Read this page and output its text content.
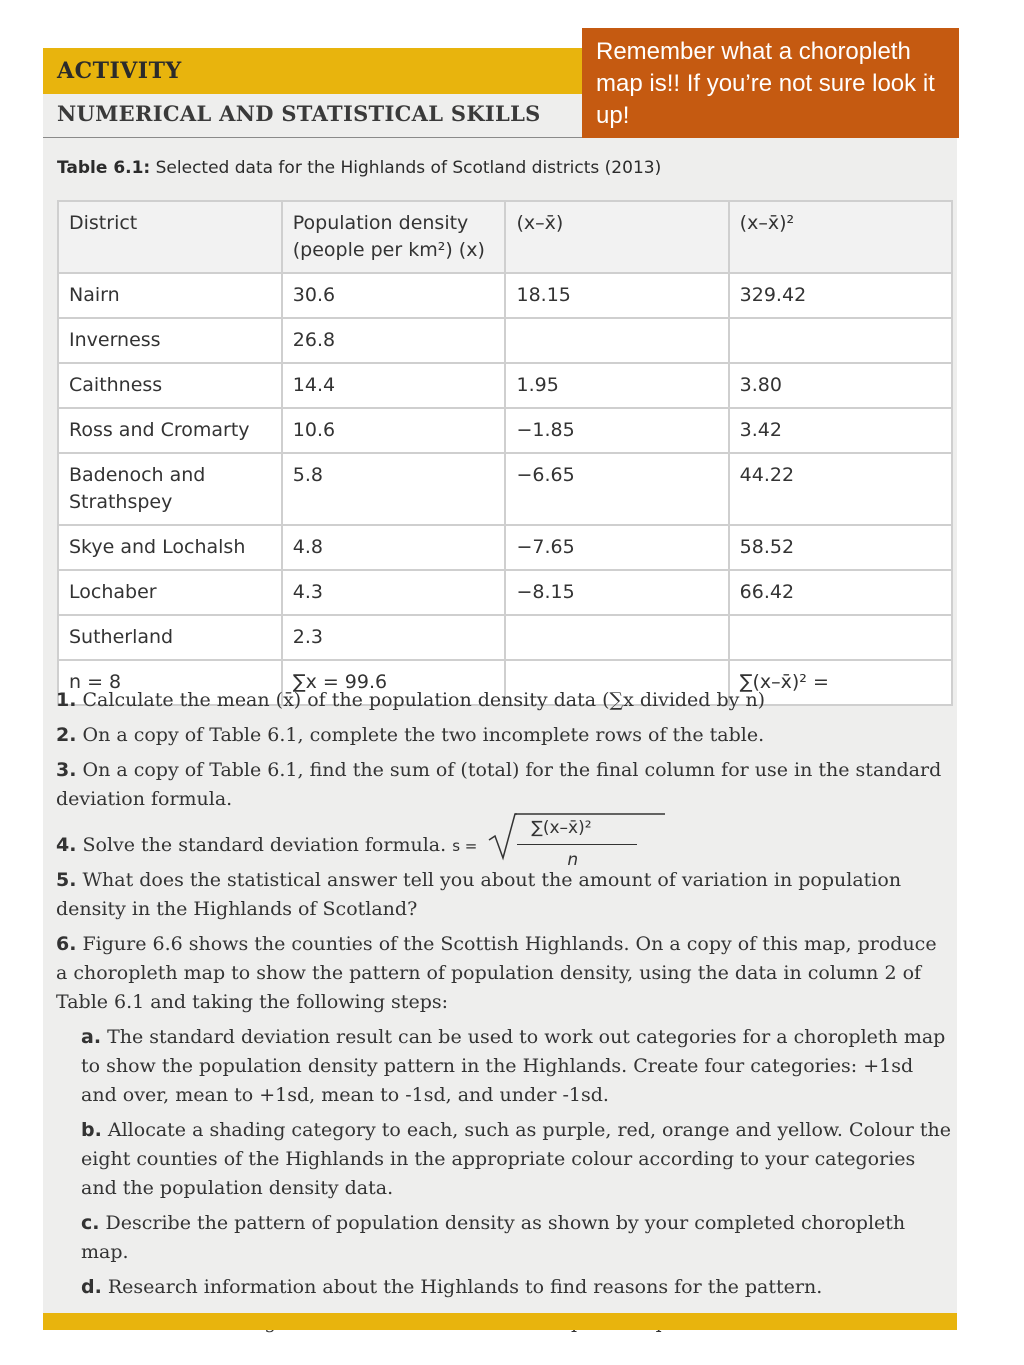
ACTIVITY
NUMERICAL AND STATISTICAL SKILLS
Remember what a choropleth map is!! If you’re not sure look it up!
Table 6.1: Selected data for the Highlands of Scotland districts (2013)
District	Population density (people per km²) (x)	(x–x̄)	(x–x̄)²
Nairn	30.6	18.15	329.42
Inverness	26.8		
Caithness	14.4	1.95	3.80
Ross and Cromarty	10.6	−1.85	3.42
Badenoch and Strathspey	5.8	−6.65	44.22
Skye and Lochalsh	4.8	−7.65	58.52
Lochaber	4.3	−8.15	66.42
Sutherland	2.3		
n = 8	∑x = 99.6		∑(x–x̄)² =
1. Calculate the mean (x̄) of the population density data (∑x divided by n)
2. On a copy of Table 6.1, complete the two incomplete rows of the table.
3. On a copy of Table 6.1, find the sum of (total) for the final column for use in the standard deviation formula.
4. Solve the standard deviation formula. $s = \frac{\text{∑(x–x̄)²}}{n}$
5. What does the statistical answer tell you about the amount of variation in population density in the Highlands of Scotland?
6. Figure 6.6 shows the counties of the Scottish Highlands. On a copy of this map, produce a choropleth map to show the pattern of population density, using the data in column 2 of Table 6.1 and taking the following steps:
a. The standard deviation result can be used to work out categories for a choropleth map to show the population density pattern in the Highlands. Create four categories: +1sd and over, mean to +1sd, mean to -1sd, and under -1sd.
b. Allocate a shading category to each, such as purple, red, orange and yellow. Colour the eight counties of the Highlands in the appropriate colour according to your categories and the population density data.
c. Describe the pattern of population density as shown by your completed choropleth map.
d. Research information about the Highlands to find reasons for the pattern.
